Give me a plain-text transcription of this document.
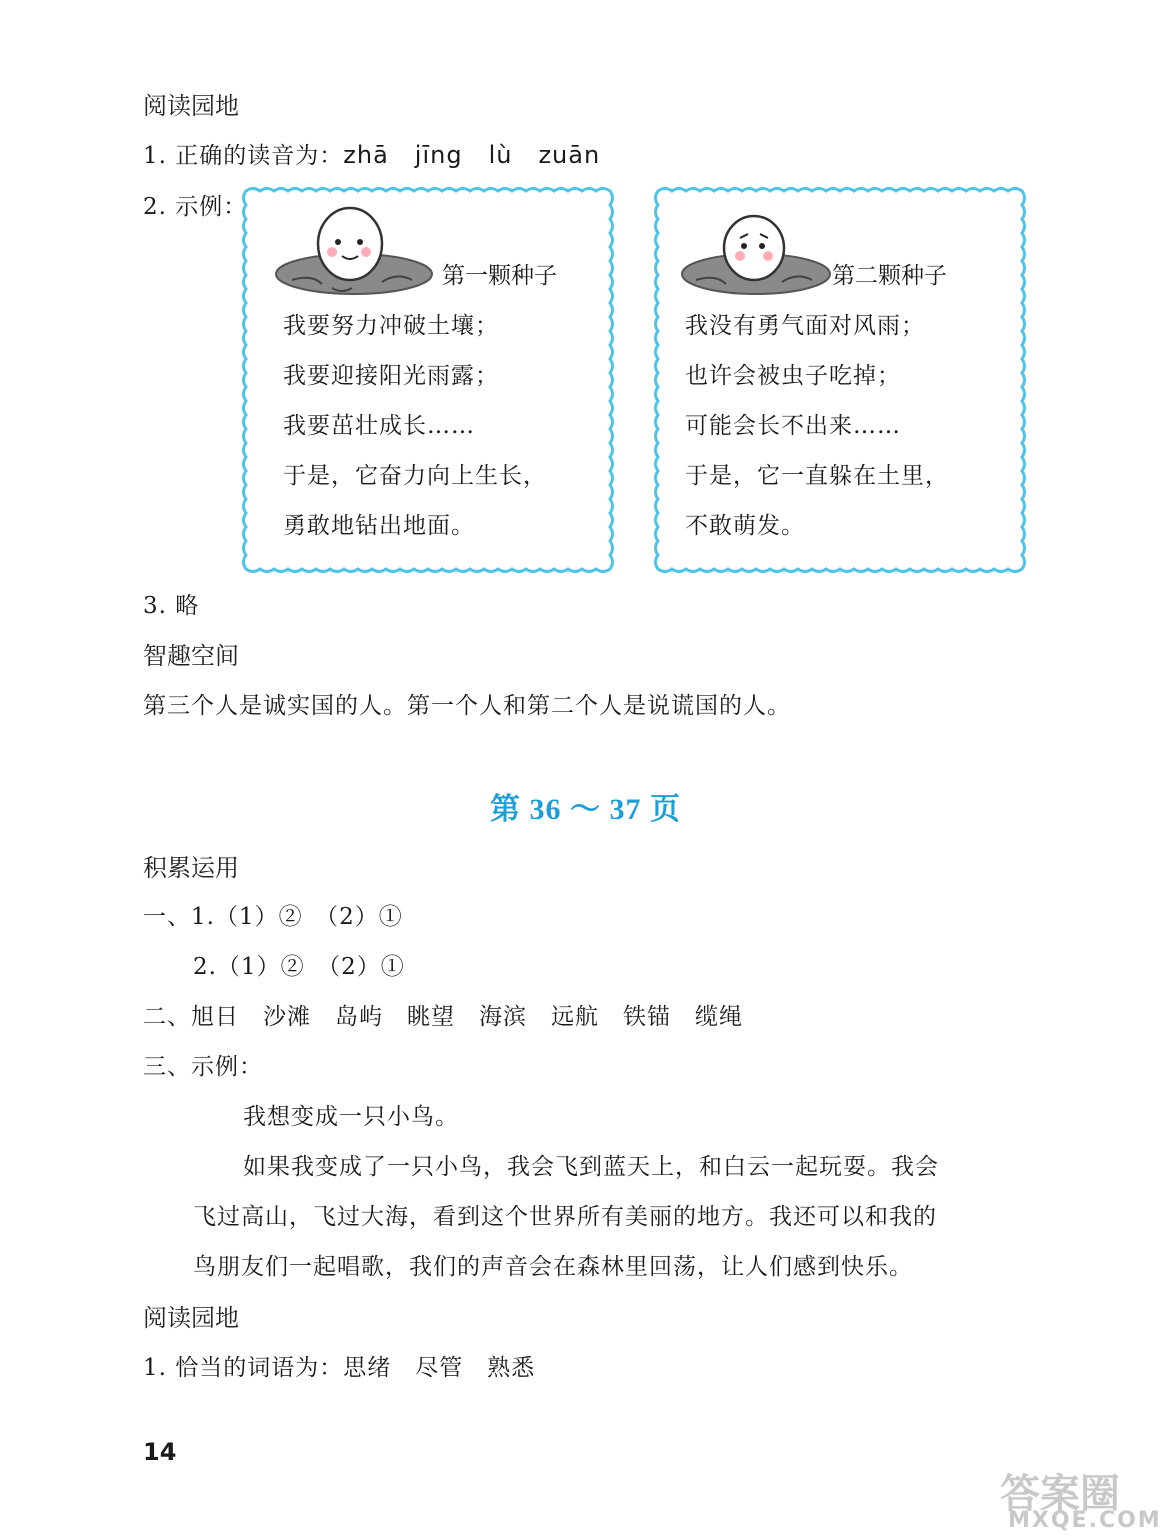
阅读园地
1. 正确的读音为：zhā jīng lù zuān
2. 示例：
第一颗种子
我要努力冲破土壤；
我要迎接阳光雨露；
我要茁壮成长……
于是，它奋力向上生长，
勇敢地钻出地面。
第二颗种子
我没有勇气面对风雨；
也许会被虫子吃掉；
可能会长不出来……
于是，它一直躲在土里，
不敢萌发。
3. 略
智趣空间
第三个人是诚实国的人。第一个人和第二个人是说谎国的人。
第 36 ～ 37 页
积累运用
一、1.（1）②　（2）①
2.（1）②　（2）①
二、旭日　沙滩　岛屿　眺望　海滨　远航　铁锚　缆绳
三、示例：
我想变成一只小鸟。
如果我变成了一只小鸟，我会飞到蓝天上，和白云一起玩耍。我会
飞过高山，飞过大海，看到这个世界所有美丽的地方。我还可以和我的
鸟朋友们一起唱歌，我们的声音会在森林里回荡，让人们感到快乐。
阅读园地
1. 恰当的词语为：思绪　尽管　熟悉
14
答案圈
MXQE.COM
